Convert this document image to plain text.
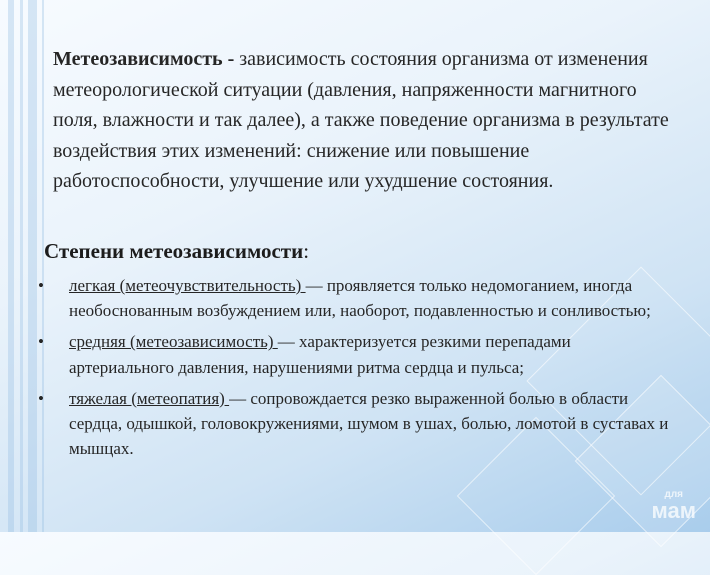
Метеозависимость - зависимость состояния организма от изменения метеорологической ситуации (давления, напряженности магнитного поля, влажности и так далее), а также поведение организма в результате воздействия этих изменений: снижение или повышение работоспособности, улучшение или ухудшение состояния.
Степени метеозависимости:
• легкая (метеочувствительность) — проявляется только недомоганием, иногда необоснованным возбуждением или, наоборот, подавленностью и сонливостью;
• средняя (метеозависимость) — характеризуется резкими перепадами артериального давления, нарушениями ритма сердца и пульса;
• тяжелая (метеопатия) — сопровождается резко выраженной болью в области сердца, одышкой, головокружениями, шумом в ушах, болью, ломотой в суставах и мышцах.
для
мам
